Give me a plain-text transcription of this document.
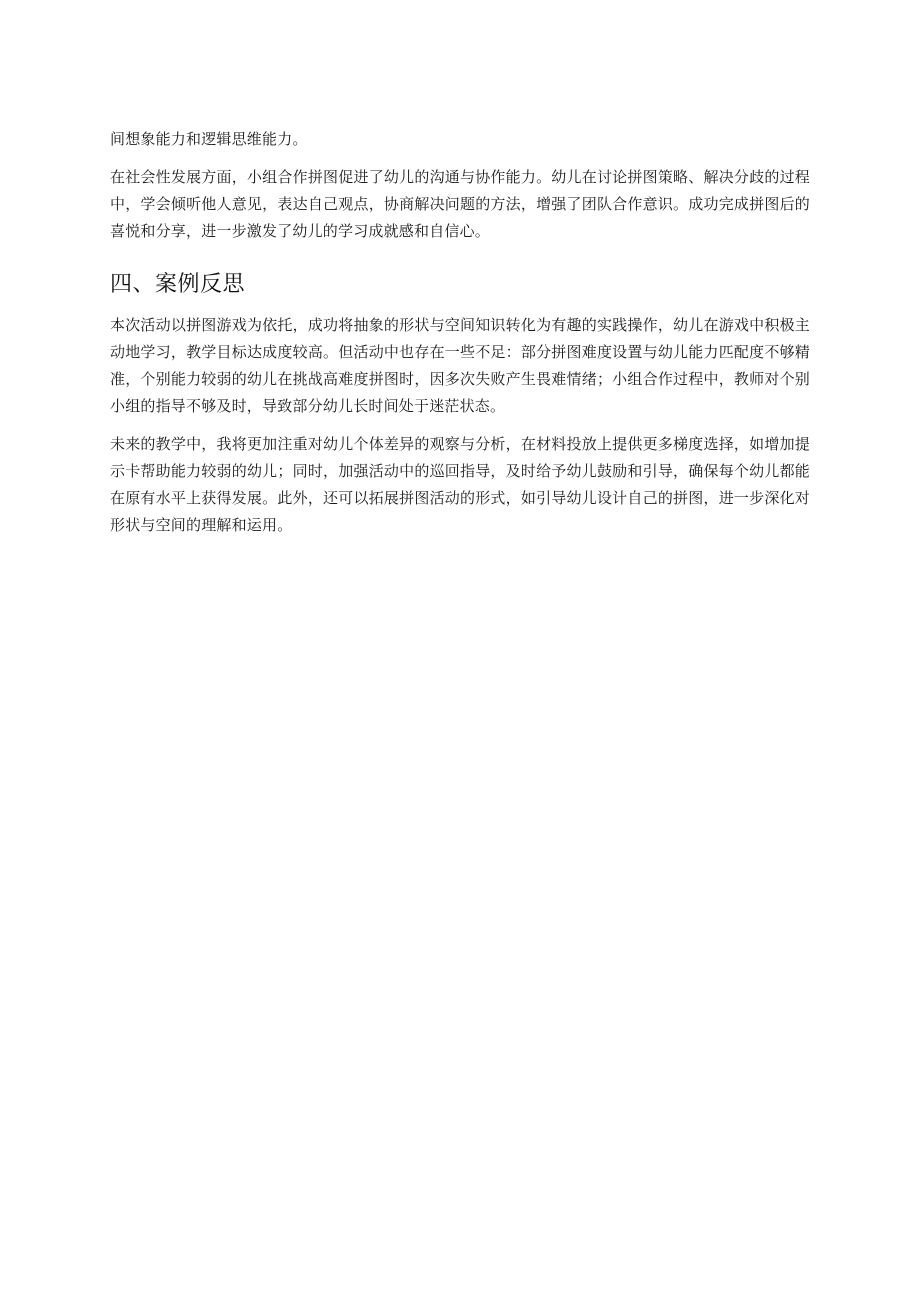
间想象能力和逻辑思维能力。

在社会性发展方面，小组合作拼图促进了幼儿的沟通与协作能力。幼儿在讨论拼图策略、解决分歧的过程中，学会倾听他人意见，表达自己观点，协商解决问题的方法，增强了团队合作意识。成功完成拼图后的喜悦和分享，进一步激发了幼儿的学习成就感和自信心。

四、案例反思

本次活动以拼图游戏为依托，成功将抽象的形状与空间知识转化为有趣的实践操作，幼儿在游戏中积极主动地学习，教学目标达成度较高。但活动中也存在一些不足：部分拼图难度设置与幼儿能力匹配度不够精准，个别能力较弱的幼儿在挑战高难度拼图时，因多次失败产生畏难情绪；小组合作过程中，教师对个别小组的指导不够及时，导致部分幼儿长时间处于迷茫状态。

未来的教学中，我将更加注重对幼儿个体差异的观察与分析，在材料投放上提供更多梯度选择，如增加提示卡帮助能力较弱的幼儿；同时，加强活动中的巡回指导，及时给予幼儿鼓励和引导，确保每个幼儿都能在原有水平上获得发展。此外，还可以拓展拼图活动的形式，如引导幼儿设计自己的拼图，进一步深化对形状与空间的理解和运用。
